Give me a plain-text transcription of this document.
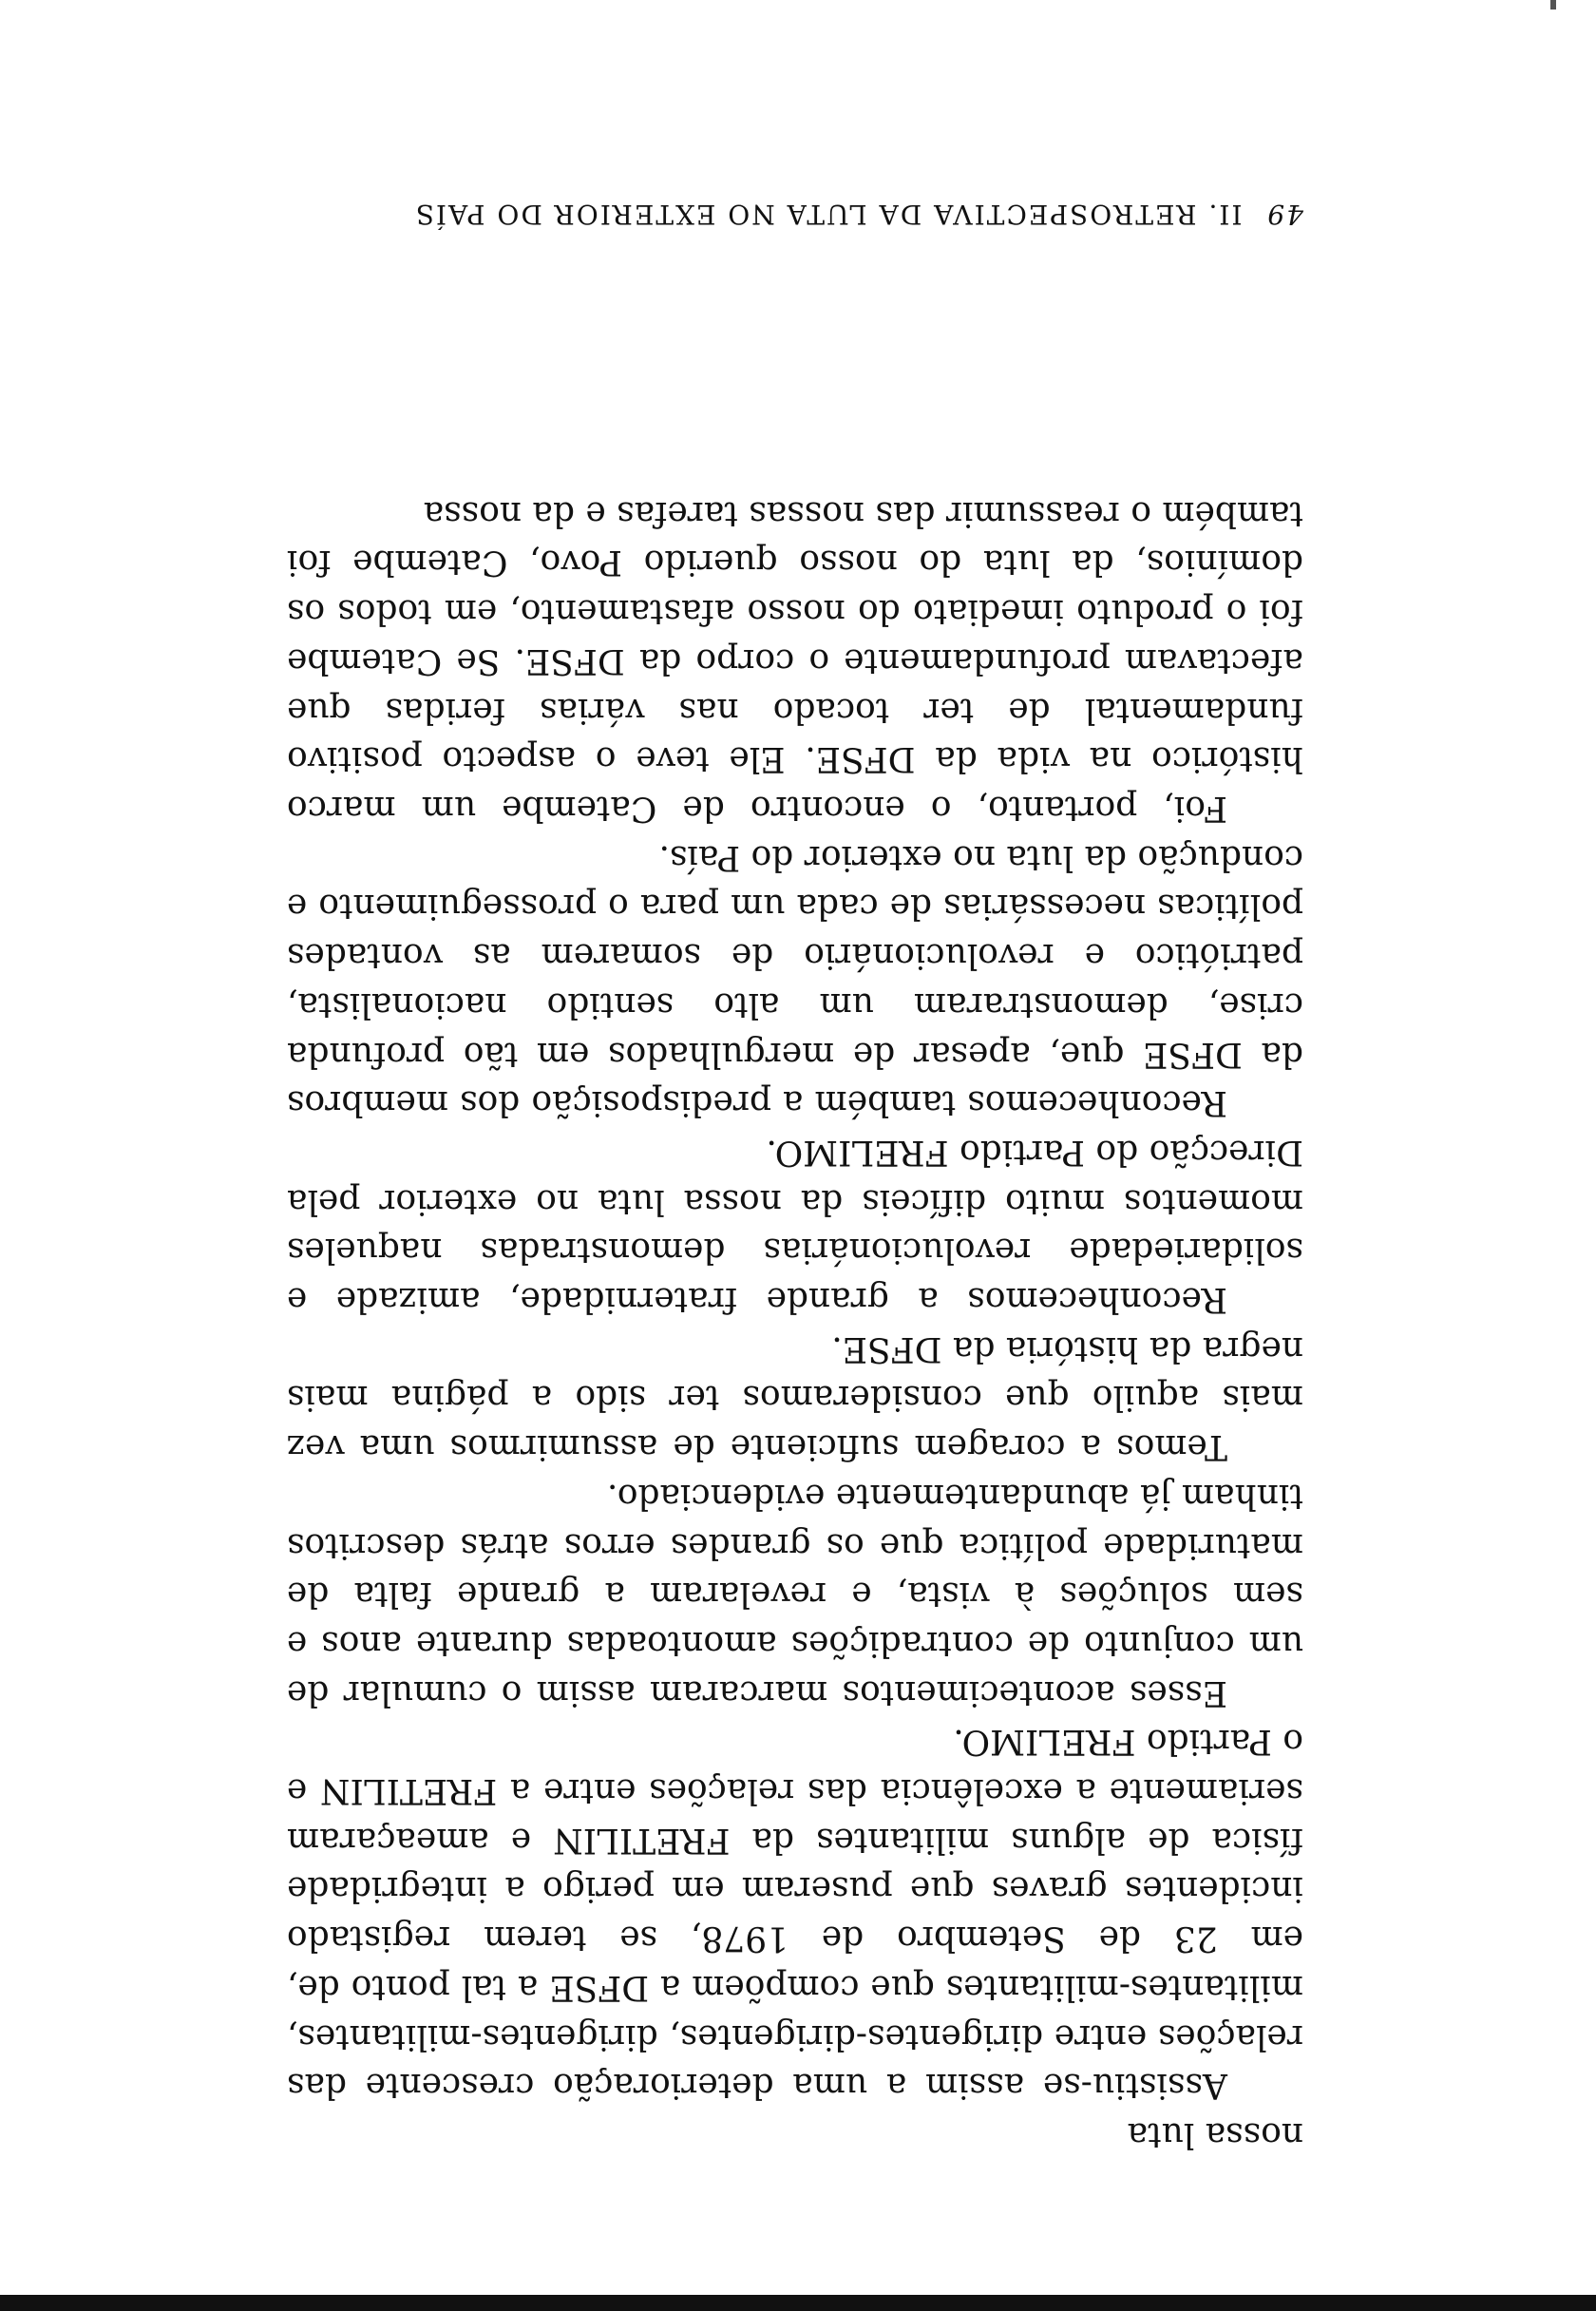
nossa luta

Assistiu-se assim a uma deterioração crescente das relações entre dirigentes-dirigentes, dirigentes-militantes, militantes-militantes que compõem a DFSE a tal ponto de, em 23 de Setembro de 1978, se terem registado incidentes graves que puseram em perigo a integridade física de alguns militantes da FRETILIN e ameaçaram seriamente a excelência das relações entre a FRETILIN e o Partido FRELIMO.

Esses acontecimentos marcaram assim o cumular de um conjunto de contradições amontoadas durante anos e sem soluções à vista, e revelaram a grande falta de maturidade política que os grandes erros atrás descritos tinham já abundantemente evidenciado.

Temos a coragem suficiente de assumirmos uma vez mais aquilo que consideramos ter sido a página mais negra da história da DFSE.

Reconhecemos a grande fraternidade, amizade e solidariedade revolucionárias demonstradas naqueles momentos muito difíceis da nossa luta no exterior pela Direcção do Partido FRELIMO.

Reconhecemos também a predisposição dos membros da DFSE que, apesar de mergulhados em tão profunda crise, demonstraram um alto sentido nacionalista, patriótico e revolucionário de somarem as vontades políticas necessárias de cada um para o prosseguimento e condução da luta no exterior do País.

Foi, portanto, o encontro de Catembe um marco histórico na vida da DFSE. Ele teve o aspecto positivo fundamental de ter tocado nas várias feridas que afectavam profundamente o corpo da DFSE. Se Catembe foi o produto imediato do nosso afastamento, em todos os domínios, da luta do nosso querido Povo, Catembe foi também o reassumir das nossas tarefas e da nossa

49 II. RETROSPECTIVA DA LUTA NO EXTERIOR DO PAÍS
